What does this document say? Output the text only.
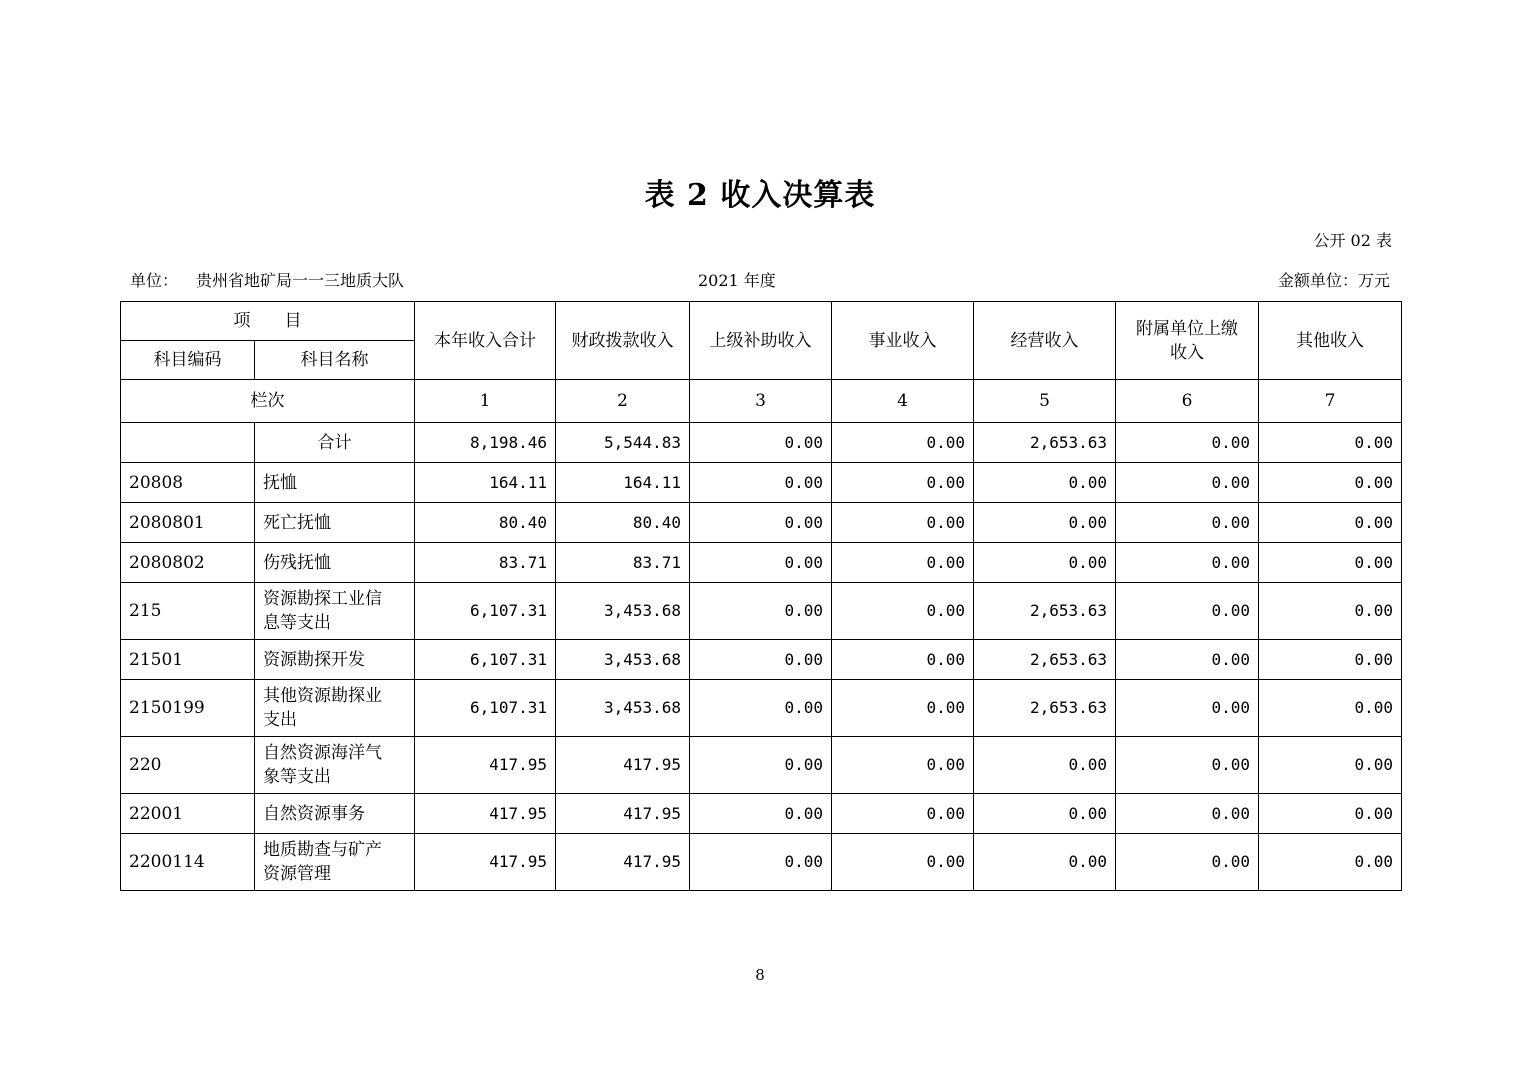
表 2 收入决算表
公开 02 表
单位： 贵州省地矿局一一三地质大队	2021 年度	金额单位：万元
项　　目		本年收入合计	财政拨款收入	上级补助收入	事业收入	经营收入	附属单位上缴
收入	其他收入
科目编码	科目名称							
栏次		1	2	3	4	5	6	7
	合计	8,198.46	5,544.83	0.00	0.00	2,653.63	0.00	0.00
20808	抚恤	164.11	164.11	0.00	0.00	0.00	0.00	0.00
2080801	死亡抚恤	80.40	80.40	0.00	0.00	0.00	0.00	0.00
2080802	伤残抚恤	83.71	83.71	0.00	0.00	0.00	0.00	0.00
215	资源勘探工业信
息等支出	6,107.31	3,453.68	0.00	0.00	2,653.63	0.00	0.00
21501	资源勘探开发	6,107.31	3,453.68	0.00	0.00	2,653.63	0.00	0.00
2150199	其他资源勘探业
支出	6,107.31	3,453.68	0.00	0.00	2,653.63	0.00	0.00
220	自然资源海洋气
象等支出	417.95	417.95	0.00	0.00	0.00	0.00	0.00
22001	自然资源事务	417.95	417.95	0.00	0.00	0.00	0.00	0.00
2200114	地质勘查与矿产
资源管理	417.95	417.95	0.00	0.00	0.00	0.00	0.00
8
